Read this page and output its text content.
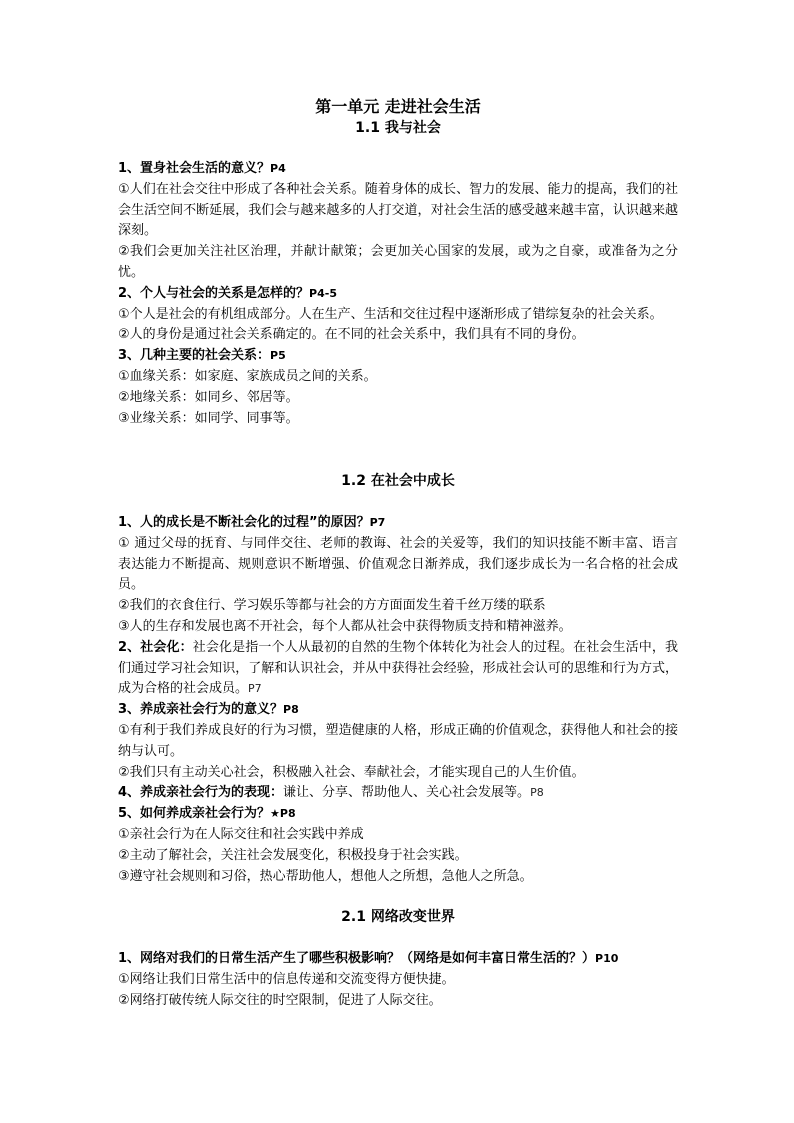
第一单元 走进社会生活
1.1 我与社会
1、置身社会生活的意义？P4
①人们在社会交往中形成了各种社会关系。随着身体的成长、智力的发展、能力的提高，我们的社会生活空间不断延展，我们会与越来越多的人打交道，对社会生活的感受越来越丰富，认识越来越深刻。
②我们会更加关注社区治理，并献计献策；会更加关心国家的发展，或为之自豪，或准备为之分忧。
2、个人与社会的关系是怎样的？P4-5
①个人是社会的有机组成部分。人在生产、生活和交往过程中逐渐形成了错综复杂的社会关系。
②人的身份是通过社会关系确定的。在不同的社会关系中，我们具有不同的身份。
3、几种主要的社会关系：P5
①血缘关系：如家庭、家族成员之间的关系。
②地缘关系：如同乡、邻居等。
③业缘关系：如同学、同事等。
1.2 在社会中成长
1、人的成长是不断社会化的过程”的原因？P7
① 通过父母的抚育、与同伴交往、老师的教诲、社会的关爱等，我们的知识技能不断丰富、语言表达能力不断提高、规则意识不断增强、价值观念日渐养成，我们逐步成长为一名合格的社会成员。
②我们的衣食住行、学习娱乐等都与社会的方方面面发生着千丝万缕的联系
③人的生存和发展也离不开社会，每个人都从社会中获得物质支持和精神滋养。
2、社会化：社会化是指一个人从最初的自然的生物个体转化为社会人的过程。在社会生活中，我们通过学习社会知识，了解和认识社会，并从中获得社会经验，形成社会认可的思维和行为方式，成为合格的社会成员。P7
3、养成亲社会行为的意义？P8
①有利于我们养成良好的行为习惯，塑造健康的人格，形成正确的价值观念，获得他人和社会的接纳与认可。
②我们只有主动关心社会，积极融入社会、奉献社会，才能实现自己的人生价值。
4、养成亲社会行为的表现：谦让、分享、帮助他人、关心社会发展等。P8
5、如何养成亲社会行为？★P8
①亲社会行为在人际交往和社会实践中养成
②主动了解社会，关注社会发展变化，积极投身于社会实践。
③遵守社会规则和习俗，热心帮助他人，想他人之所想，急他人之所急。
2.1 网络改变世界
1、网络对我们的日常生活产生了哪些积极影响？（网络是如何丰富日常生活的？）P10
①网络让我们日常生活中的信息传递和交流变得方便快捷。
②网络打破传统人际交往的时空限制，促进了人际交往。
